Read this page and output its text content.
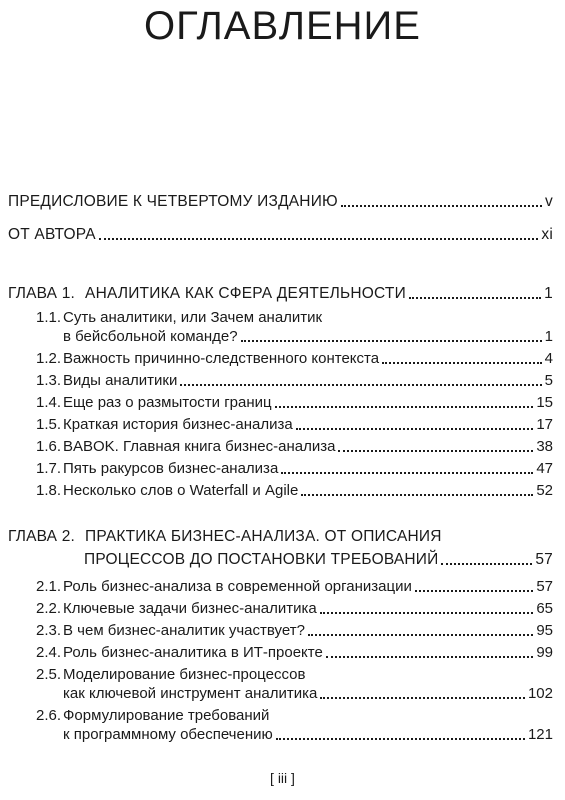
ОГЛАВЛЕНИЕ
ПРЕДИСЛОВИЕ К ЧЕТВЕРТОМУ ИЗДАНИЮ	v
ОТ АВТОРА	xi
ГЛАВА 1. АНАЛИТИКА КАК СФЕРА ДЕЯТЕЛЬНОСТИ	1
1.1. Суть аналитики, или Зачем аналитик
в бейсбольной команде?	1
1.2. Важность причинно-следственного контекста	4
1.3. Виды аналитики	5
1.4. Еще раз о размытости границ	15
1.5. Краткая история бизнес-анализа	17
1.6. BABOK. Главная книга бизнес-анализа	38
1.7. Пять ракурсов бизнес-анализа	47
1.8. Несколько слов о Waterfall и Agile	52
ГЛАВА 2. ПРАКТИКА БИЗНЕС-АНАЛИЗА. ОТ ОПИСАНИЯ
ПРОЦЕССОВ ДО ПОСТАНОВКИ ТРЕБОВАНИЙ	57
2.1. Роль бизнес-анализа в современной организации	57
2.2. Ключевые задачи бизнес-аналитика	65
2.3. В чем бизнес-аналитик участвует?	95
2.4. Роль бизнес-аналитика в ИТ-проекте	99
2.5. Моделирование бизнес-процессов
как ключевой инструмент аналитика	102
2.6. Формулирование требований
к программному обеспечению	121
[ iii ]
